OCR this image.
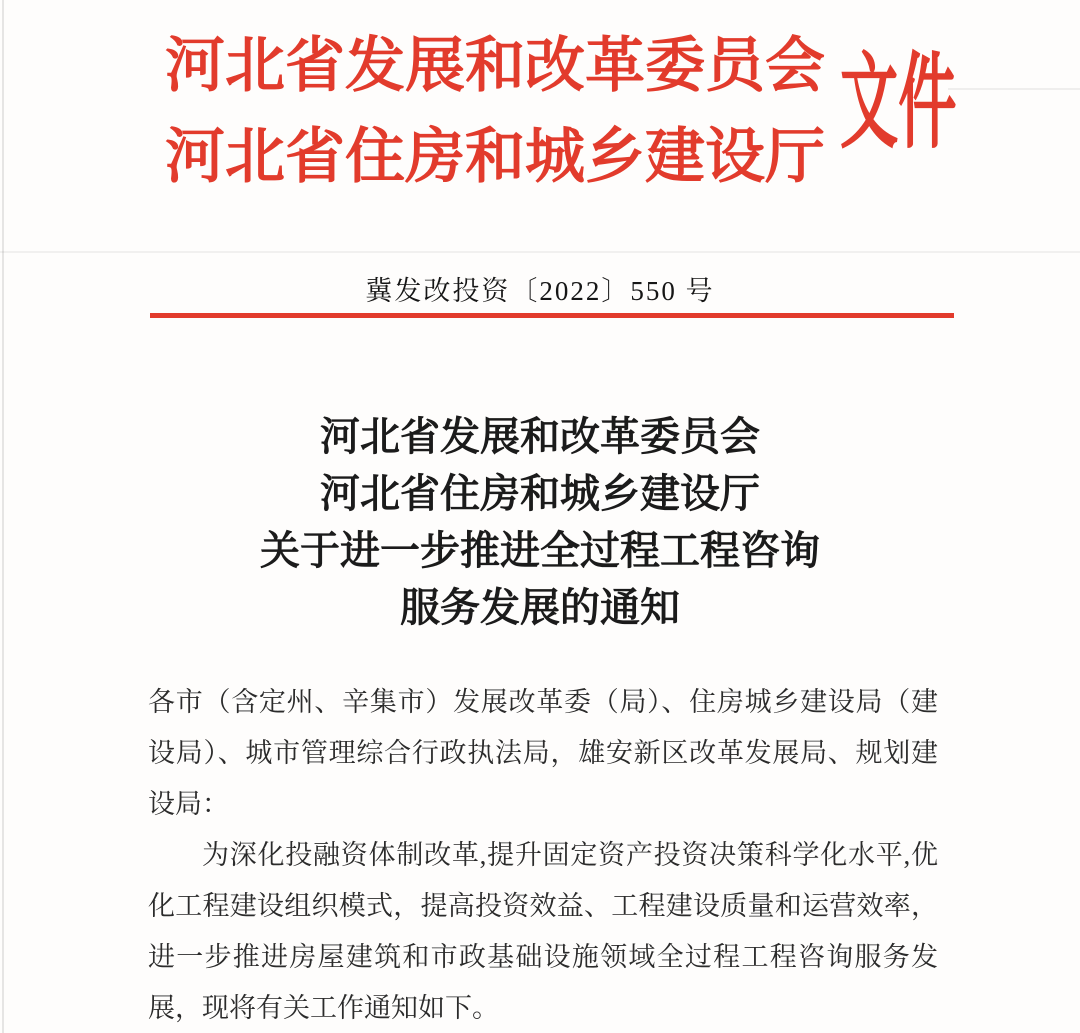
河北省发展和改革委员会
河北省住房和城乡建设厅 文件
冀发改投资〔2022〕550 号
河北省发展和改革委员会
河北省住房和城乡建设厅
关于进一步推进全过程工程咨询
服务发展的通知

各市（含定州、辛集市）发展改革委（局）、住房城乡建设局（建设局）、城市管理综合行政执法局，雄安新区改革发展局、规划建设局：

为深化投融资体制改革,提升固定资产投资决策科学化水平,优化工程建设组织模式，提高投资效益、工程建设质量和运营效率，进一步推进房屋建筑和市政基础设施领域全过程工程咨询服务发展，现将有关工作通知如下。
